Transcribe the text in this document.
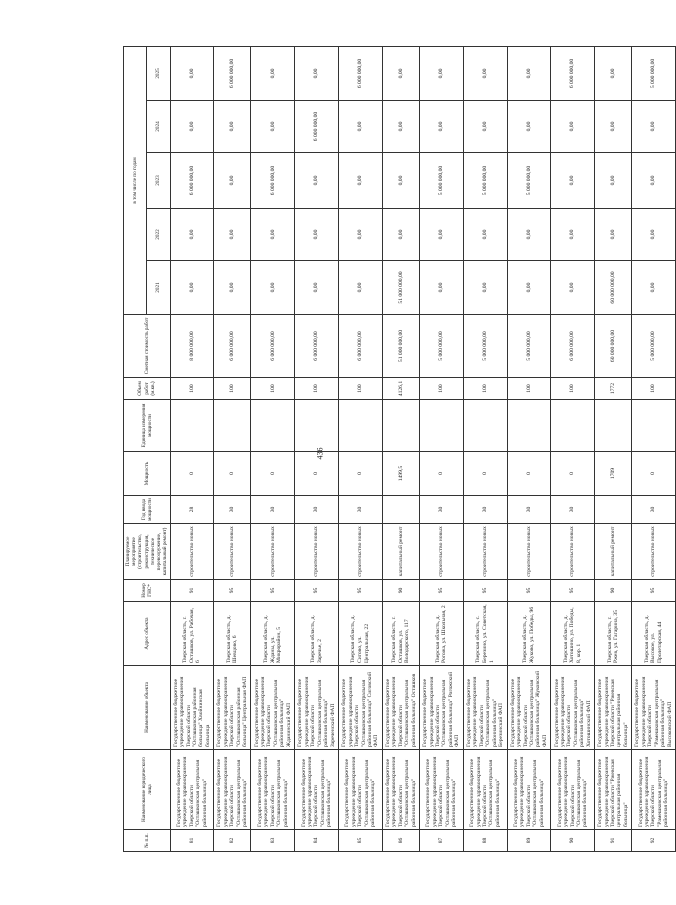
436
№ п.п.	Наименование юридического лица	Наименование объекта	Адрес объекта	Номер ГНС*	Планируемое мероприятие (строительство, реконструкция, техническое перевооружение, капитальный ремонт)	Год ввода мощности	Мощность	Единица измерения мощности	Объем работ (м.кв.)	Сметная стоимость работ	в том числе по годам				
											2021	2022	2023	2024	2025
81	Государственное бюджетное учреждение здравоохранения Тверской области "Осташковская центральная районная больница"	Государственное бюджетное учреждение здравоохранения Тверской области "Осташковская районная больница" Хвойнинская больница	Тверская область, г. Осташков, ул. Рабочая, 6	91	строительство новых	28	0		100	8 000 000,00	0,00	0,00	6 000 000,00	0,00	0,00
82	Государственное бюджетное учреждение здравоохранения Тверской области "Осташковская центральная районная больница"	Государственное бюджетное учреждение здравоохранения Тверской области "Осташковская районная больница" Центральная ФАП	Тверская область, д. Шевцовo, 6	95	строительство новых	30	0		100	6 000 000,00	0,00	0,00	0,00	0,00	6 000 000,00
83	Государственное бюджетное учреждение здравоохранения Тверской области "Осташковская центральная районная больница"	Государственное бюджетное учреждение здравоохранения Тверской области "Осташковская центральная районная больница" Жданинский ФАП	Тверская область, д. Жданы, ул. Микрорайон, 5	95	строительство новых	30	0		100	6 000 000,00	0,00	0,00	6 000 000,00	0,00	0,00
84	Государственное бюджетное учреждение здравоохранения Тверской области "Осташковская центральная районная больница"	Государственное бюджетное учреждение здравоохранения Тверской области "Осташковская центральная районная больница" Зареченский ФАП	Тверская область, д. Заречье, 2	95	строительство новых	30	0		100	6 000 000,00	0,00	0,00	0,00	6 000 000,00	0,00
85	Государственное бюджетное учреждение здравоохранения Тверской области "Осташковская центральная районная больница"	Государственное бюджетное учреждение здравоохранения Тверской области "Осташковская центральная районная больница" Сиговский ФАП	Тверская область, д. Сиговo, ул. Центральная, 22	95	строительство новых	30	0		100	6 000 000,00	0,00	0,00	0,00	0,00	6 000 000,00
86	Государственное бюджетное учреждение здравоохранения Тверской области "Осташковская центральная районная больница"	Государственное бюджетное учреждение здравоохранения Тверской области "Осташковская центральная районная больница" Осташков	Тверская область, г. Осташков, ул. Володарского, 117	90	капитальный ремонт		1499,5		4126,1	51 000 000,00	51 000 000,00	0,00	0,00	0,00	0,00
87	Государственное бюджетное учреждение здравоохранения Тверской области "Осташковская центральная районная больница"	Государственное бюджетное учреждение здравоохранения Тверской области "Осташковская центральная районная больница" Рогожский ФАП	Тверская область, д. Рогожа, ул. Школьная, 2	95	строительство новых	30	0		100	5 000 000,00	0,00	0,00	5 000 000,00	0,00	0,00
88	Государственное бюджетное учреждение здравоохранения Тверской области "Осташковская центральная районная больница"	Государственное бюджетное учреждение здравоохранения Тверской области "Осташковская центральная районная больница" Березинский ФАП	Тверская область, с. Березино, ул. Советская, 1	95	строительство новых	30	0		100	5 000 000,00	0,00	0,00	5 000 000,00	0,00	0,00
89	Государственное бюджетное учреждение здравоохранения Тверской области "Осташковская центральная районная больница"	Государственное бюджетное учреждение здравоохранения Тверской области "Осташковская центральная районная больница" Жуковский ФАП	Тверская область, д. Жуково, ул. Победы, 96	95	строительство новых	30	0		100	5 000 000,00	0,00	0,00	5 000 000,00	0,00	0,00
90	Государственное бюджетное учреждение здравоохранения Тверской области "Осташковская центральная районная больница"	Государственное бюджетное учреждение здравоохранения Тверской области "Осташковская центральная районная больница" Хотошинский ФАП	Тверская область, д. Хотошино, ул. Победы, 8, кор. 1	95	строительство новых	30	0		100	6 000 000,00	0,00	0,00	0,00	0,00	6 000 000,00
91	Государственное бюджетное учреждение здравоохранения Тверской области "Ржевская центральная районная больница"	Государственное бюджетное учреждение здравоохранения Тверской области "Ржевская центральная районная больница"	Тверская область, г. Ржев, ул. Гагарина, 35	90	капитальный ремонт		1709		1772	60 000 000,00	60 000 000,00	0,00	0,00	0,00	0,00
92	Государственное бюджетное учреждение здравоохранения Тверской области "Рамешковская центральная районная больница"	Государственное бюджетное учреждение здравоохранения Тверской области "Рамешковская центральная районная больница" Высоковский ФАП	Тверская область, д. Высокое, ул. Пролетарская, 44	95	строительство новых	30	0		100	5 000 000,00	0,00	0,00	0,00	0,00	5 000 000,00
